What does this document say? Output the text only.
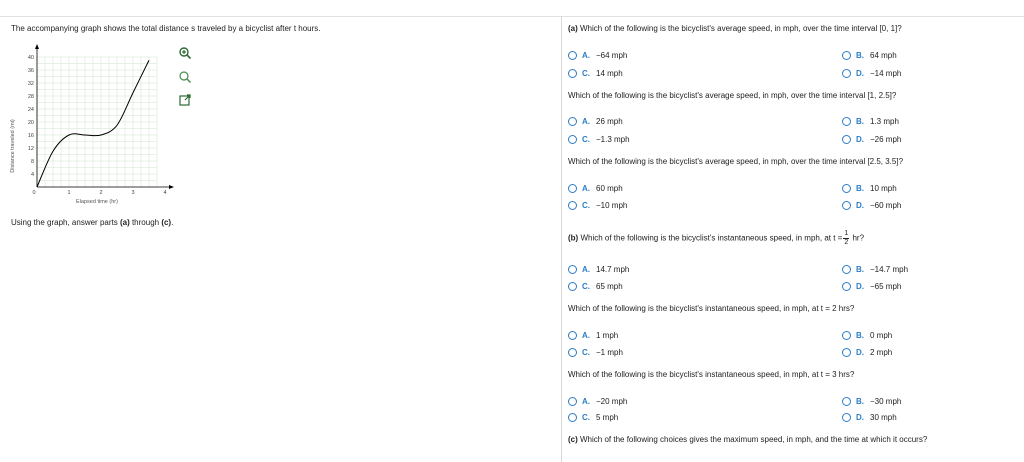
The accompanying graph shows the total distance s traveled by a bicyclist after t hours.
0	1	2	3	4
4
8
12
16
20
24
28
32
36
40
Elapsed time (hr)
Distance traveled (mi)
Using the graph, answer parts (a) through (c).
(a) Which of the following is the bicyclist's average speed, in mph, over the time interval [0, 1]?
A. −64 mph	B. 64 mph
C. 14 mph	D. −14 mph
Which of the following is the bicyclist's average speed, in mph, over the time interval [1, 2.5]?
A. 26 mph	B. 1.3 mph
C. −1.3 mph	D. −26 mph
Which of the following is the bicyclist's average speed, in mph, over the time interval [2.5, 3.5]?
A. 60 mph	B. 10 mph
C. −10 mph	D. −60 mph
(b) Which of the following is the bicyclist's instantaneous speed, in mph, at $t = \frac{1}{2}$ hr?
A. 14.7 mph	B. −14.7 mph
C. 65 mph	D. −65 mph
Which of the following is the bicyclist's instantaneous speed, in mph, at t = 2 hrs?
A. 1 mph	B. 0 mph
C. −1 mph	D. 2 mph
Which of the following is the bicyclist's instantaneous speed, in mph, at t = 3 hrs?
A. −20 mph	B. −30 mph
C. 5 mph	D. 30 mph
(c) Which of the following choices gives the maximum speed, in mph, and the time at which it occurs?
